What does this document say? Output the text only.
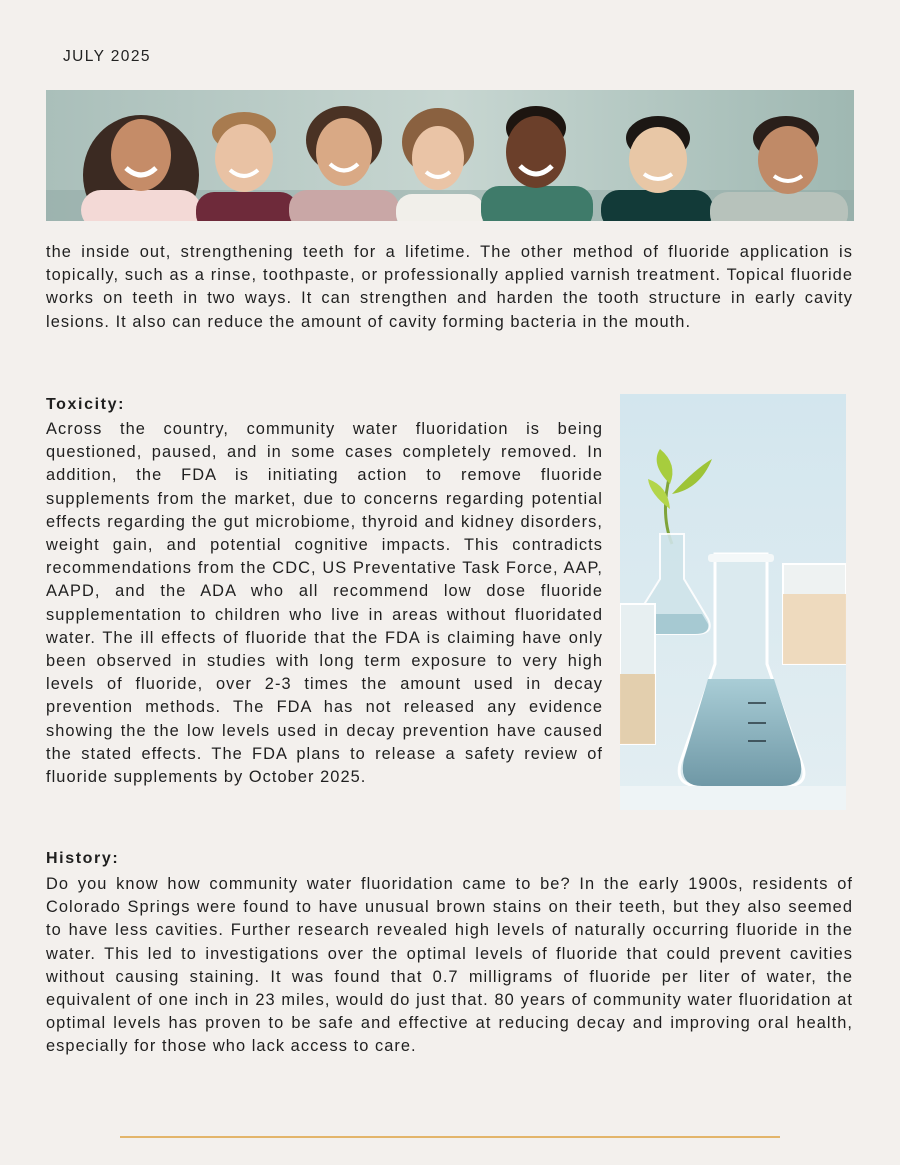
JULY 2025

the inside out, strengthening teeth for a lifetime. The other method of fluoride application is topically, such as a rinse, toothpaste, or professionally applied varnish treatment. Topical fluoride works on teeth in two ways. It can strengthen and harden the tooth structure in early cavity lesions. It also can reduce the amount of cavity forming bacteria in the mouth.

Toxicity:

Across the country, community water fluoridation is being questioned, paused, and in some cases completely removed. In addition, the FDA is initiating action to remove fluoride supplements from the market, due to concerns regarding potential effects regarding the gut microbiome, thyroid and kidney disorders, weight gain, and potential cognitive impacts. This contradicts recommendations from the CDC, US Preventative Task Force, AAP, AAPD, and the ADA who all recommend low dose fluoride supplementation to children who live in areas without fluoridated water. The ill effects of fluoride that the FDA is claiming have only been observed in studies with long term exposure to very high levels of fluoride, over 2-3 times the amount used in decay prevention methods. The FDA has not released any evidence showing the the low levels used in decay prevention have caused the stated effects. The FDA plans to release a safety review of fluoride supplements by October 2025.

History:

Do you know how community water fluoridation came to be? In the early 1900s, residents of Colorado Springs were found to have unusual brown stains on their teeth, but they also seemed to have less cavities. Further research revealed high levels of naturally occurring fluoride in the water. This led to investigations over the optimal levels of fluoride that could prevent cavities without causing staining. It was found that 0.7 milligrams of fluoride per liter of water, the equivalent of one inch in 23 miles, would do just that. 80 years of community water fluoridation at optimal levels has proven to be safe and effective at reducing decay and improving oral health, especially for those who lack access to care.
